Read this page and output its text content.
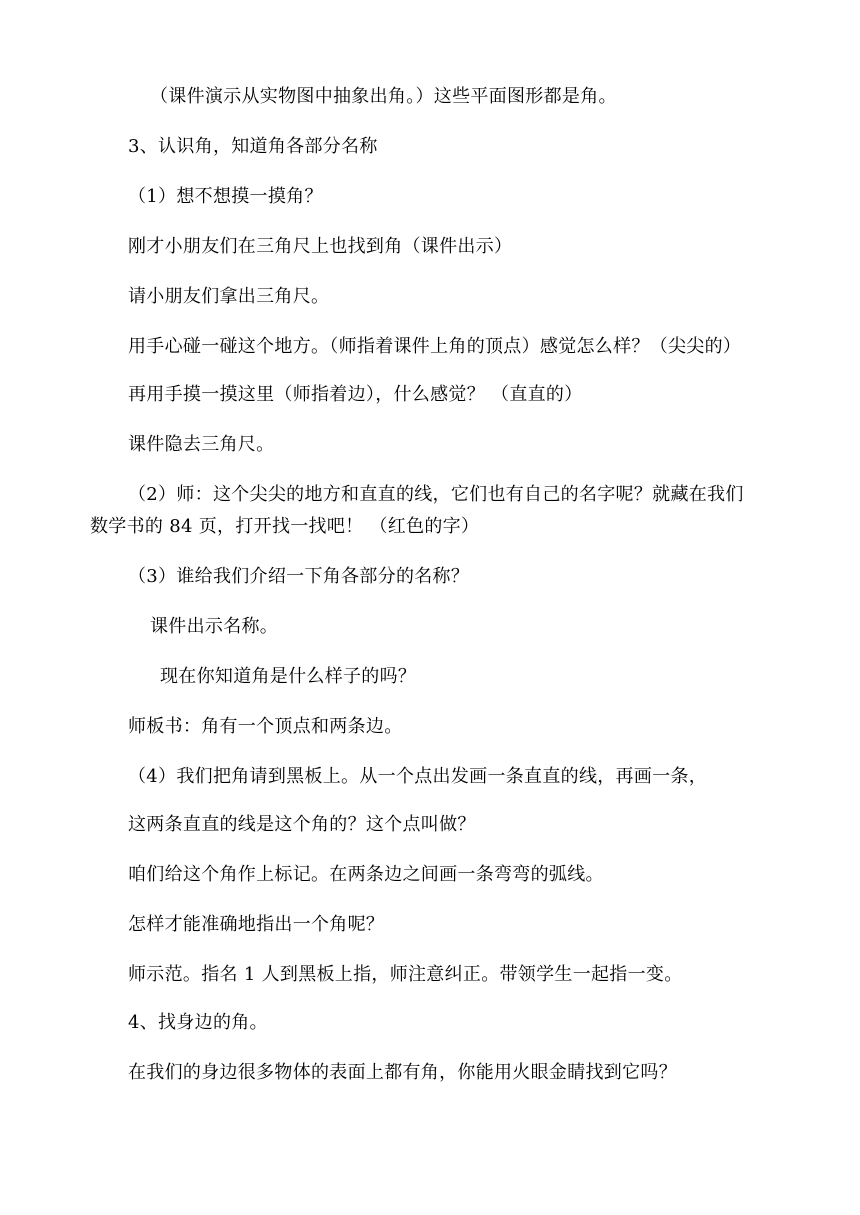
（课件演示从实物图中抽象出角。）这些平面图形都是角。
3、认识角，知道角各部分名称
（1）想不想摸一摸角？
刚才小朋友们在三角尺上也找到角（课件出示）
请小朋友们拿出三角尺。
用手心碰一碰这个地方。（师指着课件上角的顶点）感觉怎么样？（尖尖的）
再用手摸一摸这里（师指着边），什么感觉？ （直直的）
课件隐去三角尺。
（2）师：这个尖尖的地方和直直的线，它们也有自己的名字呢？就藏在我们
数学书的 84 页，打开找一找吧！ （红色的字）
（3）谁给我们介绍一下角各部分的名称？
课件出示名称。
现在你知道角是什么样子的吗？
师板书：角有一个顶点和两条边。
（4）我们把角请到黑板上。从一个点出发画一条直直的线，再画一条，
这两条直直的线是这个角的？这个点叫做？
咱们给这个角作上标记。在两条边之间画一条弯弯的弧线。
怎样才能准确地指出一个角呢？
师示范。指名 1 人到黑板上指，师注意纠正。带领学生一起指一变。
4、找身边的角。
在我们的身边很多物体的表面上都有角，你能用火眼金睛找到它吗？
